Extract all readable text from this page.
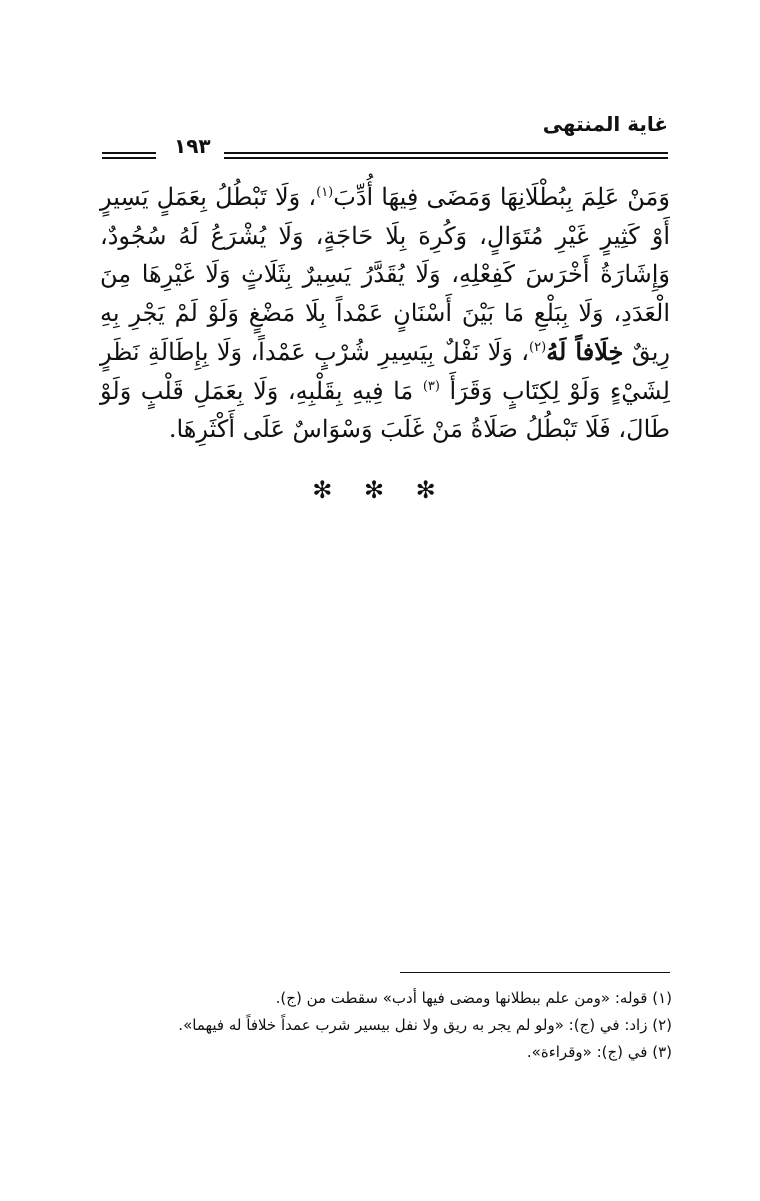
غاية المنتهى
١٩٣
وَمَنْ عَلِمَ بِبُطْلَانِهَا وَمَضَى فِيهَا أُدِّبَ$^{(١)}$، وَلَا تَبْطُلُ بِعَمَلٍ يَسِيرٍ أَوْ كَثِيرٍ غَيْرِ مُتَوَالٍ، وَكُرِهَ بِلَا حَاجَةٍ، وَلَا يُشْرَعُ لَهُ سُجُودٌ، وَإِشَارَةُ أَخْرَسَ كَفِعْلِهِ، وَلَا يُقَدَّرُ يَسِيرٌ بِثَلَاثٍ وَلَا غَيْرِهَا مِنَ الْعَدَدِ، وَلَا بِبَلْعِ مَا بَيْنَ أَسْنَانٍ عَمْداً بِلَا مَضْغٍ وَلَوْ لَمْ يَجْرِ بِهِ رِيقٌ خِلَافاً لَهُ$^{(٢)}$، وَلَا نَفْلٌ بِيَسِيرِ شُرْبٍ عَمْداً، وَلَا بِإِطَالَةِ نَظَرٍ لِشَيْءٍ وَلَوْ لِكِتَابٍ وَقَرَأَ $^{(٣)}$ مَا فِيهِ بِقَلْبِهِ، وَلَا بِعَمَلِ قَلْبٍ وَلَوْ طَالَ، فَلَا تَبْطُلُ صَلَاةُ مَنْ غَلَبَ وَسْوَاسٌ عَلَى أَكْثَرِهَا.
✻ ✻ ✻
(١) قوله: «ومن علم ببطلانها ومضى فيها أدب» سقطت من (ج).
(٢) زاد: في (ج): «ولو لم يجر به ريق ولا نفل بيسير شرب عمداً خلافاً له فيهما».
(٣) في (ج): «وقراءة».
